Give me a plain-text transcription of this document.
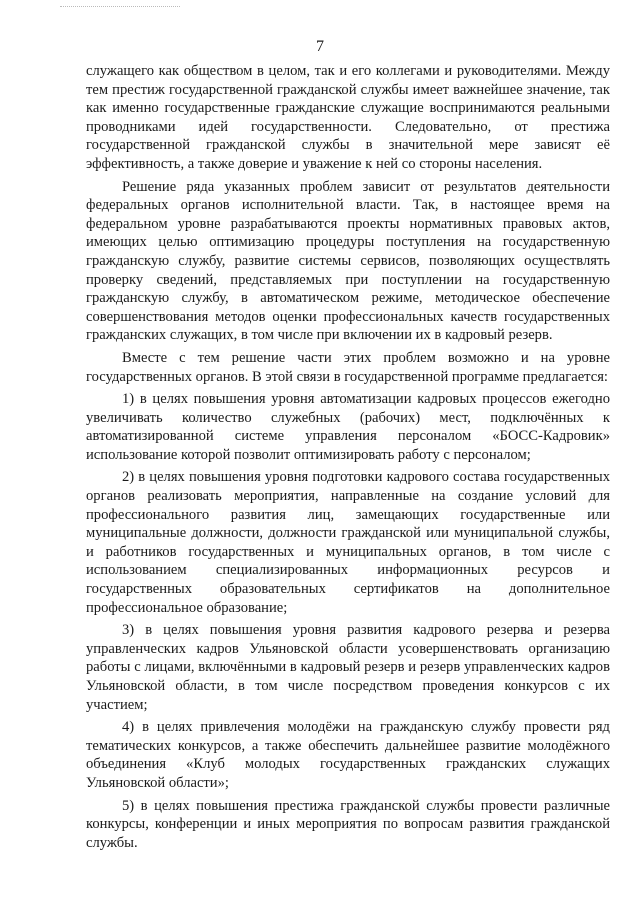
7

служащего как обществом в целом, так и его коллегами и руководителями. Между тем престиж государственной гражданской службы имеет важнейшее значение, так как именно государственные гражданские служащие воспринимаются реальными проводниками идей государственности. Следовательно, от престижа государственной гражданской службы в значительной мере зависят её эффективность, а также доверие и уважение к ней со стороны населения.

Решение ряда указанных проблем зависит от результатов деятельности федеральных органов исполнительной власти. Так, в настоящее время на федеральном уровне разрабатываются проекты нормативных правовых актов, имеющих целью оптимизацию процедуры поступления на государственную гражданскую службу, развитие системы сервисов, позволяющих осуществлять проверку сведений, представляемых при поступлении на государственную гражданскую службу, в автоматическом режиме, методическое обеспечение совершенствования методов оценки профессиональных качеств государственных гражданских служащих, в том числе при включении их в кадровый резерв.

Вместе с тем решение части этих проблем возможно и на уровне государственных органов. В этой связи в государственной программе предлагается:

1) в целях повышения уровня автоматизации кадровых процессов ежегодно увеличивать количество служебных (рабочих) мест, подключённых к автоматизированной системе управления персоналом «БОСС-Кадровик» использование которой позволит оптимизировать работу с персоналом;

2) в целях повышения уровня подготовки кадрового состава государственных органов реализовать мероприятия, направленные на создание условий для профессионального развития лиц, замещающих государственные или муниципальные должности, должности гражданской или муниципальной службы, и работников государственных и муниципальных органов, в том числе с использованием специализированных информационных ресурсов и государственных образовательных сертификатов на дополнительное профессиональное образование;

3) в целях повышения уровня развития кадрового резерва и резерва управленческих кадров Ульяновской области усовершенствовать организацию работы с лицами, включёнными в кадровый резерв и резерв управленческих кадров Ульяновской области, в том числе посредством проведения конкурсов с их участием;

4) в целях привлечения молодёжи на гражданскую службу провести ряд тематических конкурсов, а также обеспечить дальнейшее развитие молодёжного объединения «Клуб молодых государственных гражданских служащих Ульяновской области»;

5) в целях повышения престижа гражданской службы провести различные конкурсы, конференции и иных мероприятия по вопросам развития гражданской службы.
